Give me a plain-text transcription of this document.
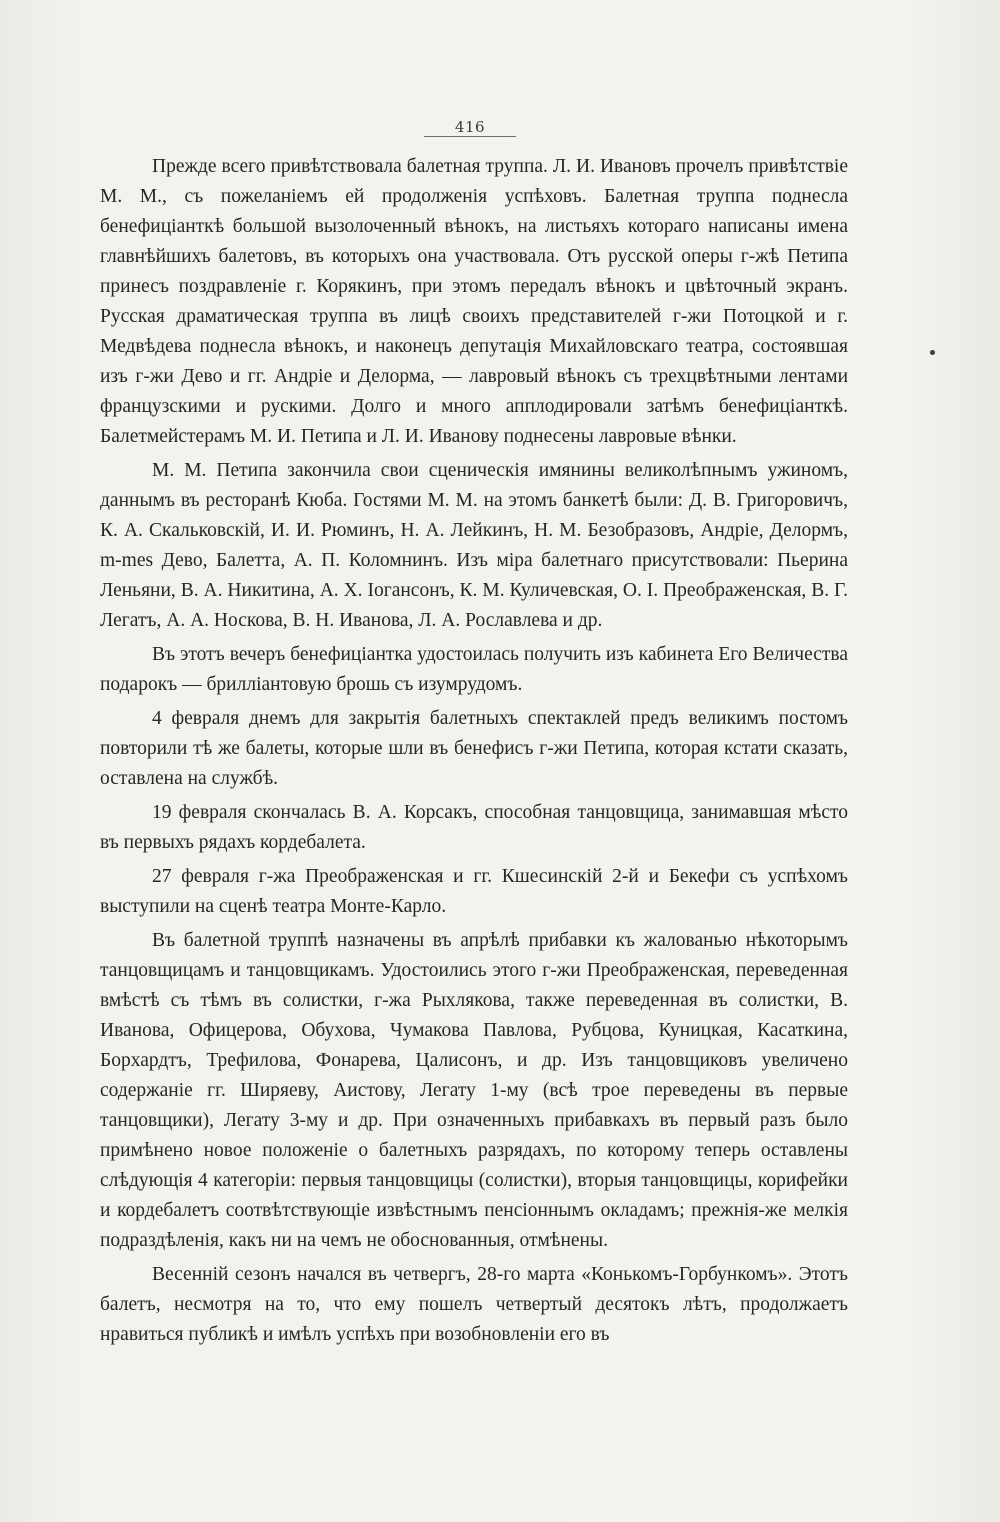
416

Прежде всего привѣтствовала балетная труппа. Л. И. Ивановъ прочелъ привѣтствіе М. М., съ пожеланіемъ ей продолженія успѣховъ. Балетная труппа поднесла бенефиціанткѣ большой вызолоченный вѣнокъ, на листьяхъ котораго написаны имена главнѣйшихъ балетовъ, въ которыхъ она участвовала. Отъ русской оперы г-жѣ Петипа принесъ поздравленіе г. Корякинъ, при этомъ передалъ вѣнокъ и цвѣточный экранъ. Русская драматическая труппа въ лицѣ своихъ представителей г-жи Потоцкой и г. Медвѣдева поднесла вѣнокъ, и наконецъ депутація Михайловскаго театра, состоявшая изъ г-жи Дево и гг. Андріе и Делорма, — лавровый вѣнокъ съ трехцвѣтными лентами французскими и рускими. Долго и много апплодировали затѣмъ бенефиціанткѣ. Балетмейстерамъ М. И. Петипа и Л. И. Иванову поднесены лавровые вѣнки.

М. М. Петипа закончила свои сценическія имянины великолѣпнымъ ужиномъ, даннымъ въ ресторанѣ Кюба. Гостями М. М. на этомъ банкетѣ были: Д. В. Григоровичъ, К. А. Скальковскій, И. И. Рюминъ, Н. А. Лейкинъ, Н. М. Безобразовъ, Андріе, Делормъ, m-mes Дево, Балетта, А. П. Коломнинъ. Изъ міра балетнаго присутствовали: Пьерина Леньяни, В. А. Никитина, А. Х. Іогансонъ, К. М. Куличевская, О. І. Преображенская, В. Г. Легатъ, А. А. Носкова, В. Н. Иванова, Л. А. Рославлева и др.

Въ этотъ вечеръ бенефиціантка удостоилась получить изъ кабинета Его Величества подарокъ — брилліантовую брошь съ изумрудомъ.

4 февраля днемъ для закрытія балетныхъ спектаклей предъ великимъ постомъ повторили тѣ же балеты, которые шли въ бенефисъ г-жи Петипа, которая кстати сказать, оставлена на службѣ.

19 февраля скончалась В. А. Корсакъ, способная танцовщица, занимавшая мѣсто въ первыхъ рядахъ кордебалета.

27 февраля г-жа Преображенская и гг. Кшесинскій 2-й и Бекефи съ успѣхомъ выступили на сценѣ театра Монте-Карло.

Въ балетной труппѣ назначены въ апрѣлѣ прибавки къ жалованью нѣкоторымъ танцовщицамъ и танцовщикамъ. Удостоились этого г-жи Преображенская, переведенная вмѣстѣ съ тѣмъ въ солистки, г-жа Рыхлякова, также переведенная въ солистки, В. Иванова, Офицерова, Обухова, Чумакова Павлова, Рубцова, Куницкая, Касаткина, Борхардтъ, Трефилова, Фонарева, Цалисонъ, и др. Изъ танцовщиковъ увеличено содержаніе гг. Ширяеву, Аистову, Легату 1-му (всѣ трое переведены въ первые танцовщики), Легату 3-му и др. При означенныхъ прибавкахъ въ первый разъ было примѣнено новое положеніе о балетныхъ разрядахъ, по которому теперь оставлены слѣдующія 4 категоріи: первыя танцовщицы (солистки), вторыя танцовщицы, корифейки и кордебалетъ соотвѣтствующіе извѣстнымъ пенсіоннымъ окладамъ; прежнія-же мелкія подраздѣленія, какъ ни на чемъ не обоснованныя, отмѣнены.

Весенній сезонъ начался въ четвергъ, 28-го марта «Конькомъ-Горбункомъ». Этотъ балетъ, несмотря на то, что ему пошелъ четвертый десятокъ лѣтъ, продолжаетъ нравиться публикѣ и имѣлъ успѣхъ при возобновленіи его въ
